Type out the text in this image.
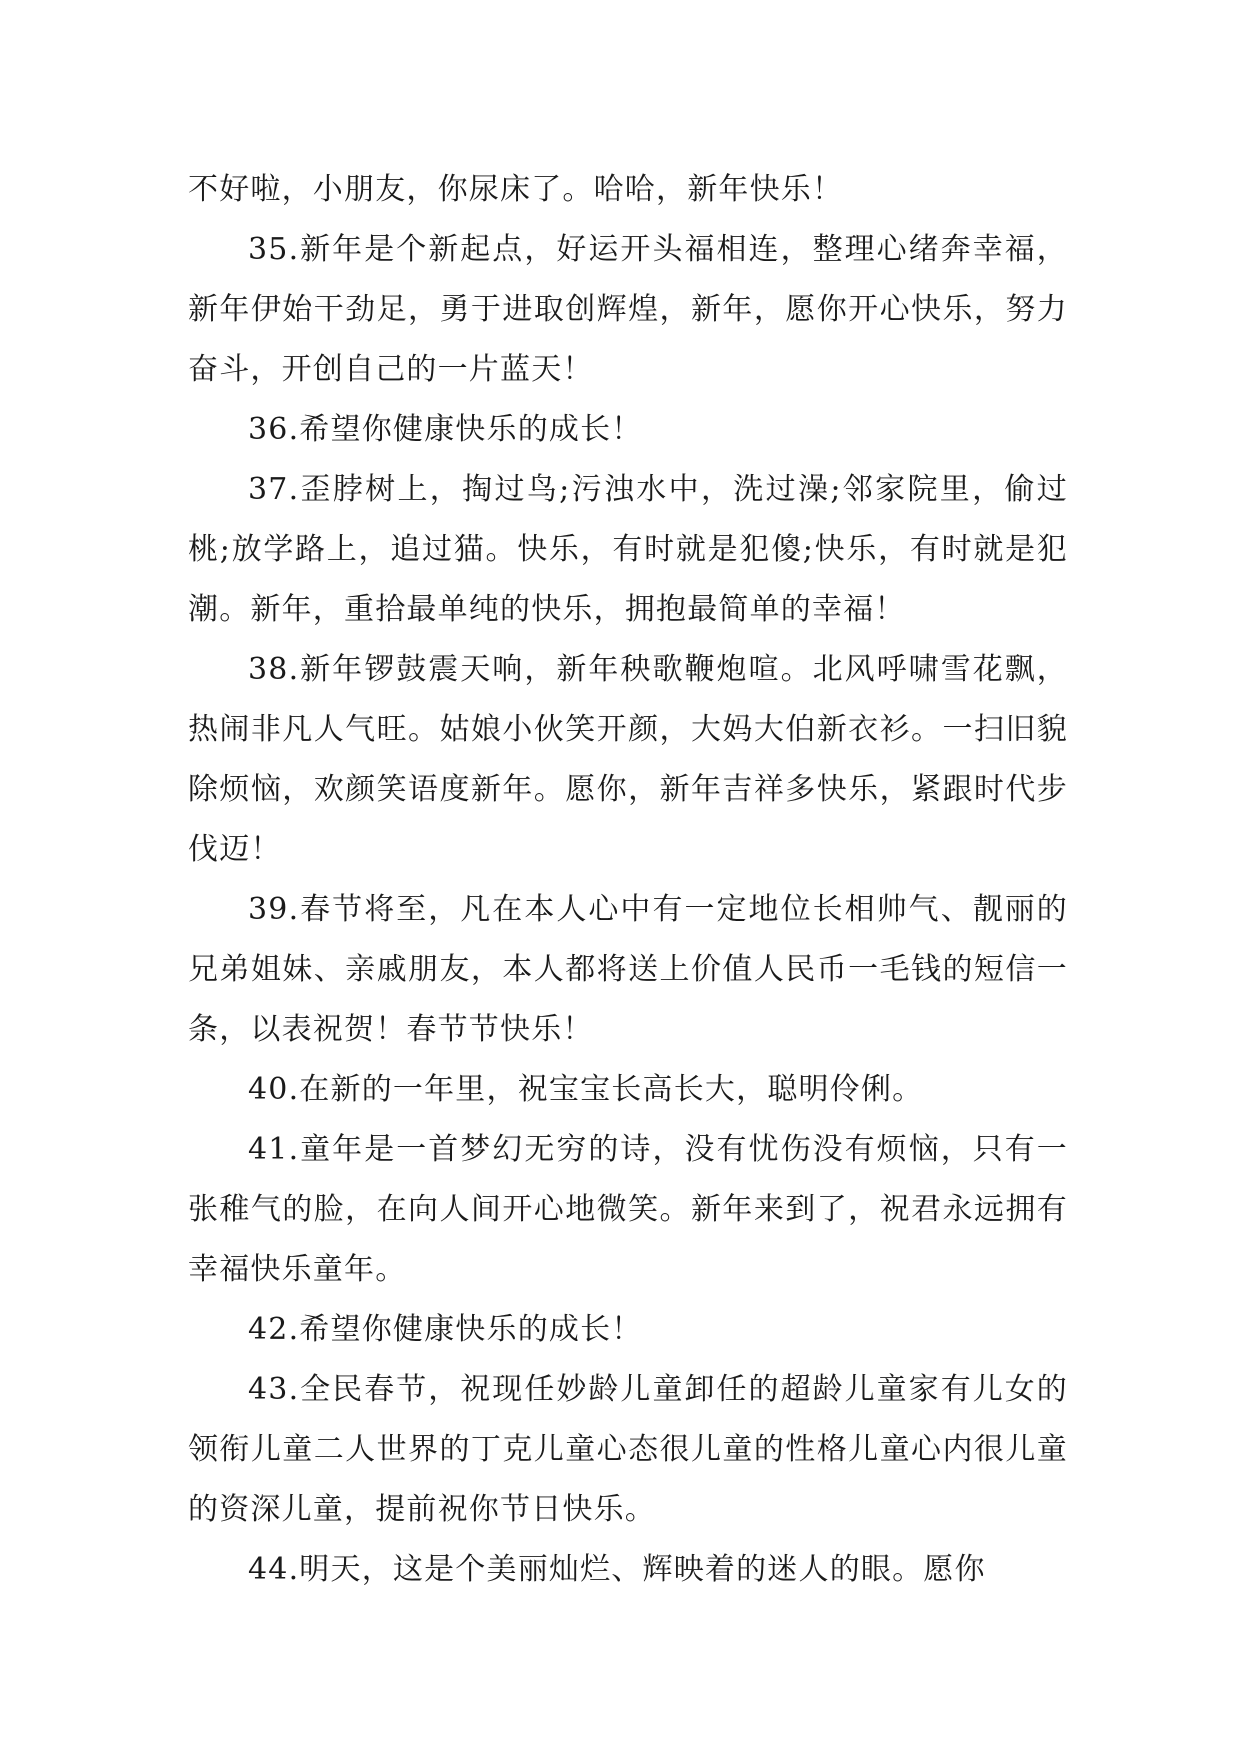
不好啦，小朋友，你尿床了。哈哈，新年快乐！

35.新年是个新起点，好运开头福相连，整理心绪奔幸福，新年伊始干劲足，勇于进取创辉煌，新年，愿你开心快乐，努力奋斗，开创自己的一片蓝天！

36.希望你健康快乐的成长！

37.歪脖树上，掏过鸟;污浊水中，洗过澡;邻家院里，偷过桃;放学路上，追过猫。快乐，有时就是犯傻;快乐，有时就是犯潮。新年，重拾最单纯的快乐，拥抱最简单的幸福！

38.新年锣鼓震天响，新年秧歌鞭炮喧。北风呼啸雪花飘，热闹非凡人气旺。姑娘小伙笑开颜，大妈大伯新衣衫。一扫旧貌除烦恼，欢颜笑语度新年。愿你，新年吉祥多快乐，紧跟时代步伐迈！

39.春节将至，凡在本人心中有一定地位长相帅气、靓丽的兄弟姐妹、亲戚朋友，本人都将送上价值人民币一毛钱的短信一条，以表祝贺！春节节快乐！

40.在新的一年里，祝宝宝长高长大，聪明伶俐。

41.童年是一首梦幻无穷的诗，没有忧伤没有烦恼，只有一张稚气的脸，在向人间开心地微笑。新年来到了，祝君永远拥有幸福快乐童年。

42.希望你健康快乐的成长！

43.全民春节，祝现任妙龄儿童卸任的超龄儿童家有儿女的领衔儿童二人世界的丁克儿童心态很儿童的性格儿童心内很儿童的资深儿童，提前祝你节日快乐。

44.明天，这是个美丽灿烂、辉映着的迷人的眼。愿你
